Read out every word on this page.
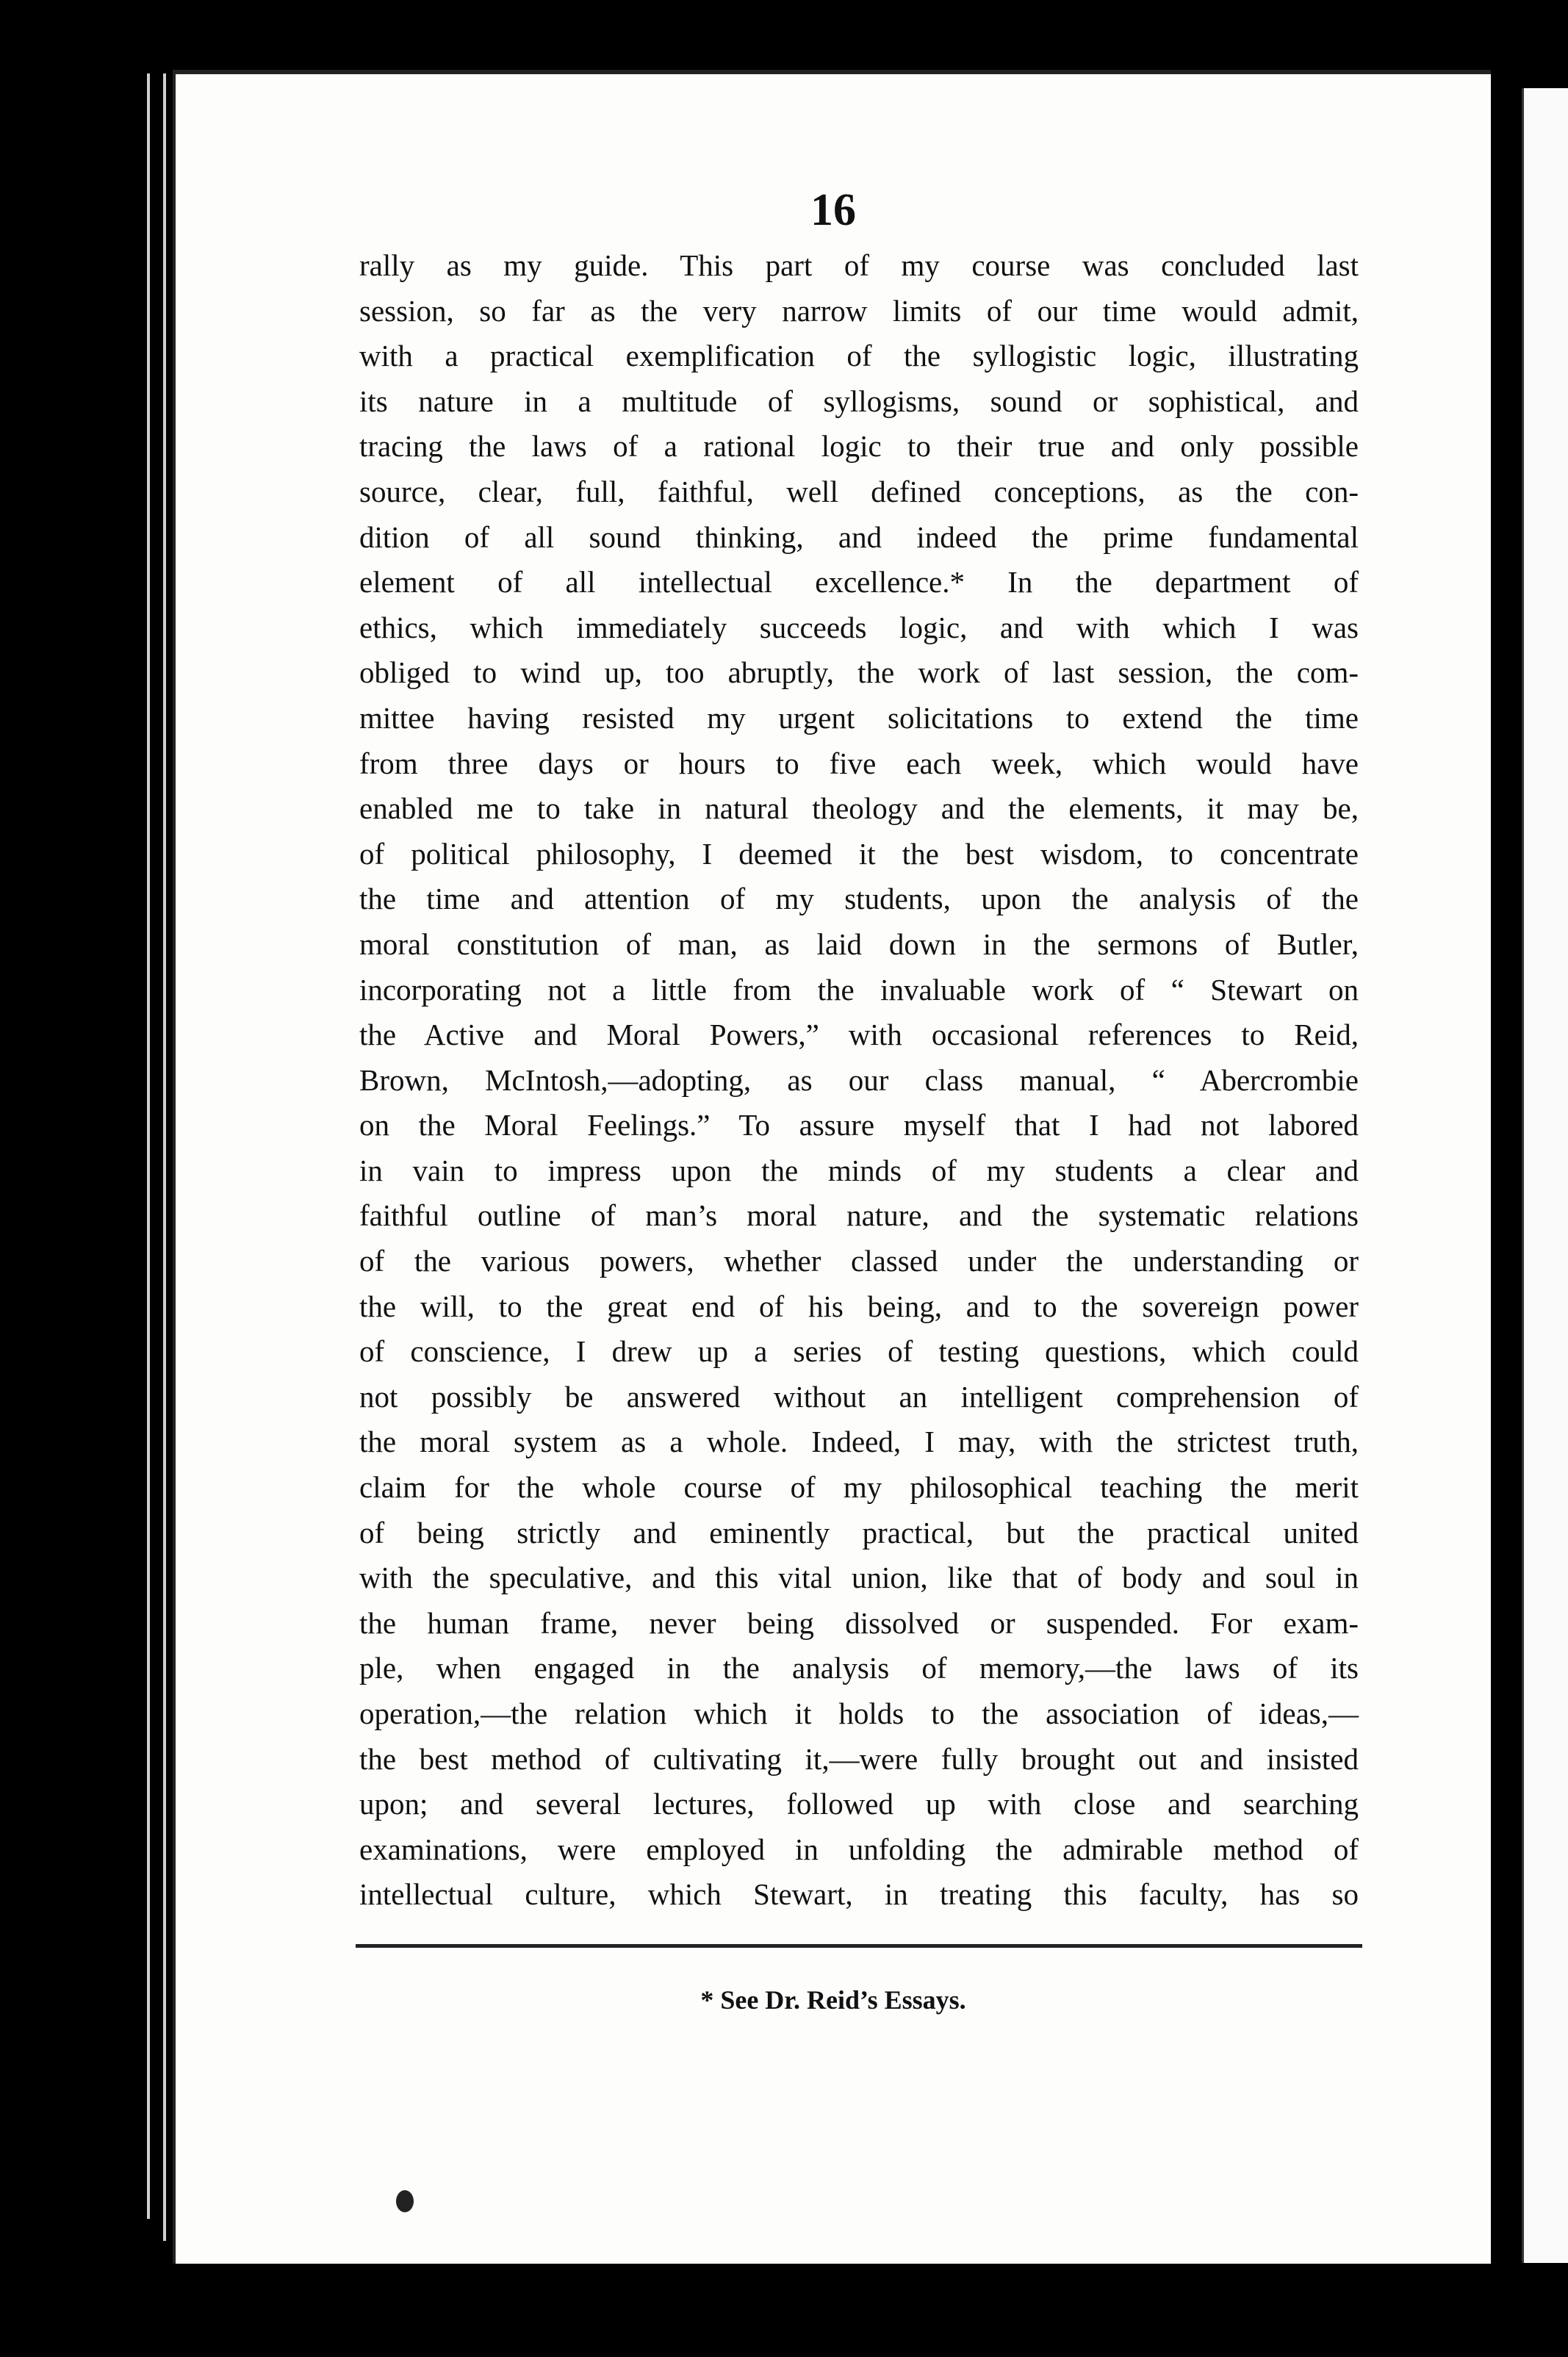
16

rally as my guide. This part of my course was concluded last
session, so far as the very narrow limits of our time would admit,
with a practical exemplification of the syllogistic logic, illustrating
its nature in a multitude of syllogisms, sound or sophistical, and
tracing the laws of a rational logic to their true and only possible
source, clear, full, faithful, well defined conceptions, as the con-
dition of all sound thinking, and indeed the prime fundamental
element of all intellectual excellence.* In the department of
ethics, which immediately succeeds logic, and with which I was
obliged to wind up, too abruptly, the work of last session, the com-
mittee having resisted my urgent solicitations to extend the time
from three days or hours to five each week, which would have
enabled me to take in natural theology and the elements, it may be,
of political philosophy, I deemed it the best wisdom, to concentrate
the time and attention of my students, upon the analysis of the
moral constitution of man, as laid down in the sermons of Butler,
incorporating not a little from the invaluable work of “ Stewart on
the Active and Moral Powers,” with occasional references to Reid,
Brown, McIntosh,—adopting, as our class manual, “ Abercrombie
on the Moral Feelings.” To assure myself that I had not labored
in vain to impress upon the minds of my students a clear and
faithful outline of man’s moral nature, and the systematic relations
of the various powers, whether classed under the understanding or
the will, to the great end of his being, and to the sovereign power
of conscience, I drew up a series of testing questions, which could
not possibly be answered without an intelligent comprehension of
the moral system as a whole. Indeed, I may, with the strictest truth,
claim for the whole course of my philosophical teaching the merit
of being strictly and eminently practical, but the practical united
with the speculative, and this vital union, like that of body and soul in
the human frame, never being dissolved or suspended. For exam-
ple, when engaged in the analysis of memory,—the laws of its
operation,—the relation which it holds to the association of ideas,—
the best method of cultivating it,—were fully brought out and insisted
upon; and several lectures, followed up with close and searching
examinations, were employed in unfolding the admirable method of
intellectual culture, which Stewart, in treating this faculty, has so
* See Dr. Reid’s Essays.
